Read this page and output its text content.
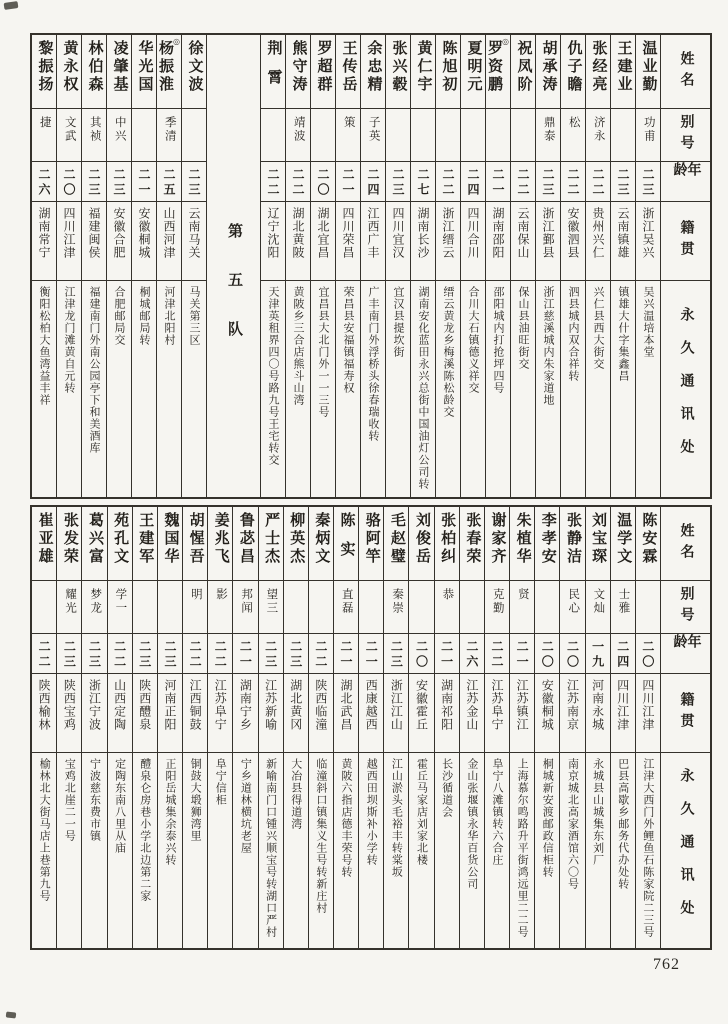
姓名
别号
年龄
籍贯
永久通讯处
温业勤
功甫
二三
浙江吴兴
吴兴温培本堂
王建业
二三
云南镇雄
镇雄大什字集鑫昌
张经亮
济永
二二
贵州兴仁
兴仁县西大街交
仇子瞻
松
二二
安徽泗县
泗县城内双合祥转
胡承涛
鼎泰
二三
浙江鄞县
浙江慈溪城内朱家道地
祝凤阶
二二
云南保山
保山县油旺街交
罗资鹏 ◎
二一
湖南邵阳
邵阳城内打抢坪四号
夏明元
二四
四川合川
合川大石镇德义祥交
陈旭初
二二
浙江缙云
缙云黄龙乡梅溪陈松龄交
黄仁宇
二七
湖南长沙
湖南安化蓝田永兴总街中国油灯公司转
张兴毂
二三
四川宜汉
宜汉县提坎街
余忠精
子英
二四
江西广丰
广丰南门外浮桥头徐春瑞收转
王传岳
策
二一
四川荣昌
荣昌县安福镇福寿权
罗超群
二〇
湖北宜昌
宜昌县大北门外一一三号
熊守涛
靖波
二二
湖北黄陂
黄陂乡三合店熊斗山湾
荆霄
二二
辽宁沈阳
天津英租界四〇号路九号王宅转交
第五队
徐文波
二三
云南马关
马关第三区
杨振淮 ◎
季清
二五
山西河津
河津北阳村
华光国
二一
安徽桐城
桐城邮局转
凌肇基
中兴
二三
安徽合肥
合肥邮局交
林伯森
其祯
二三
福建闽侯
福建南门外南公园亭下和美酒库
黄永权
文武
二〇
四川江津
江津龙门滩黄自元转
黎振扬
捷
二六
湖南常宁
衡阳松柏大鱼湾益丰祥
姓名
别号
年龄
籍贯
永久通讯处
陈安霖
二〇
四川江津
江津大西门外鲤鱼石陈家院二三号
温学文
士雅
二四
四川江津
巴县高歇乡邮务代办处转
刘宝琛
文灿
一九
河南永城
永城县山城集东刘厂
张静洁
民心
二〇
江苏南京
南京城北高家酒馆六〇号
李孝安
二〇
安徽桐城
桐城新安渡邮政信柜转
朱植华
贤
二一
江苏镇江
上海慕尔鸣路升平街鸿远里二二号
谢家齐
克勤
二二
江苏阜宁
阜宁八滩镇转六合庄
张春荣
二六
江苏金山
金山张堰镇永华百货公司
张柏纠
恭
二一
湖南祁阳
长沙循道会
刘俊岳
二〇
安徽霍丘
霍丘马家店刘家北楼
毛赵璧
秦崇
二三
浙江江山
江山淤头毛裕丰转棠坂
骆阿竿
二一
西康越西
越西田坝斯补小学转
陈实
直磊
二一
湖北武昌
黄陂六指店德丰荣号转
秦炳文
二二
陕西临潼
临潼斜口镇集义生号转新庄村
柳英杰
二三
湖北黄冈
大冶县得道湾
严士杰
望三
二三
江苏新喻
新喻南门口锺兴顺宝号转湖口严村
鲁苾昌
邦闻
二一
湖南宁乡
宁乡道林横坑老屋
姜兆飞
影
二二
江苏阜宁
阜宁信柜
胡惺吾
明
二二
江西铜鼓
铜鼓大塅狮湾里
魏国华
二三
河南正阳
正阳岳城集余泰兴转
王建军
二三
陕西醴泉
醴泉仑房巷小学北边第二家
苑孔文
学一
二二
山西定陶
定陶东南八里从庙
葛兴富
梦龙
二三
浙江宁波
宁波慈东费市镇
张发荣
耀光
二三
陕西宝鸡
宝鸡北崖二一号
崔亚雄
二二
陕西榆林
榆林北大街马店上巷第九号
762
